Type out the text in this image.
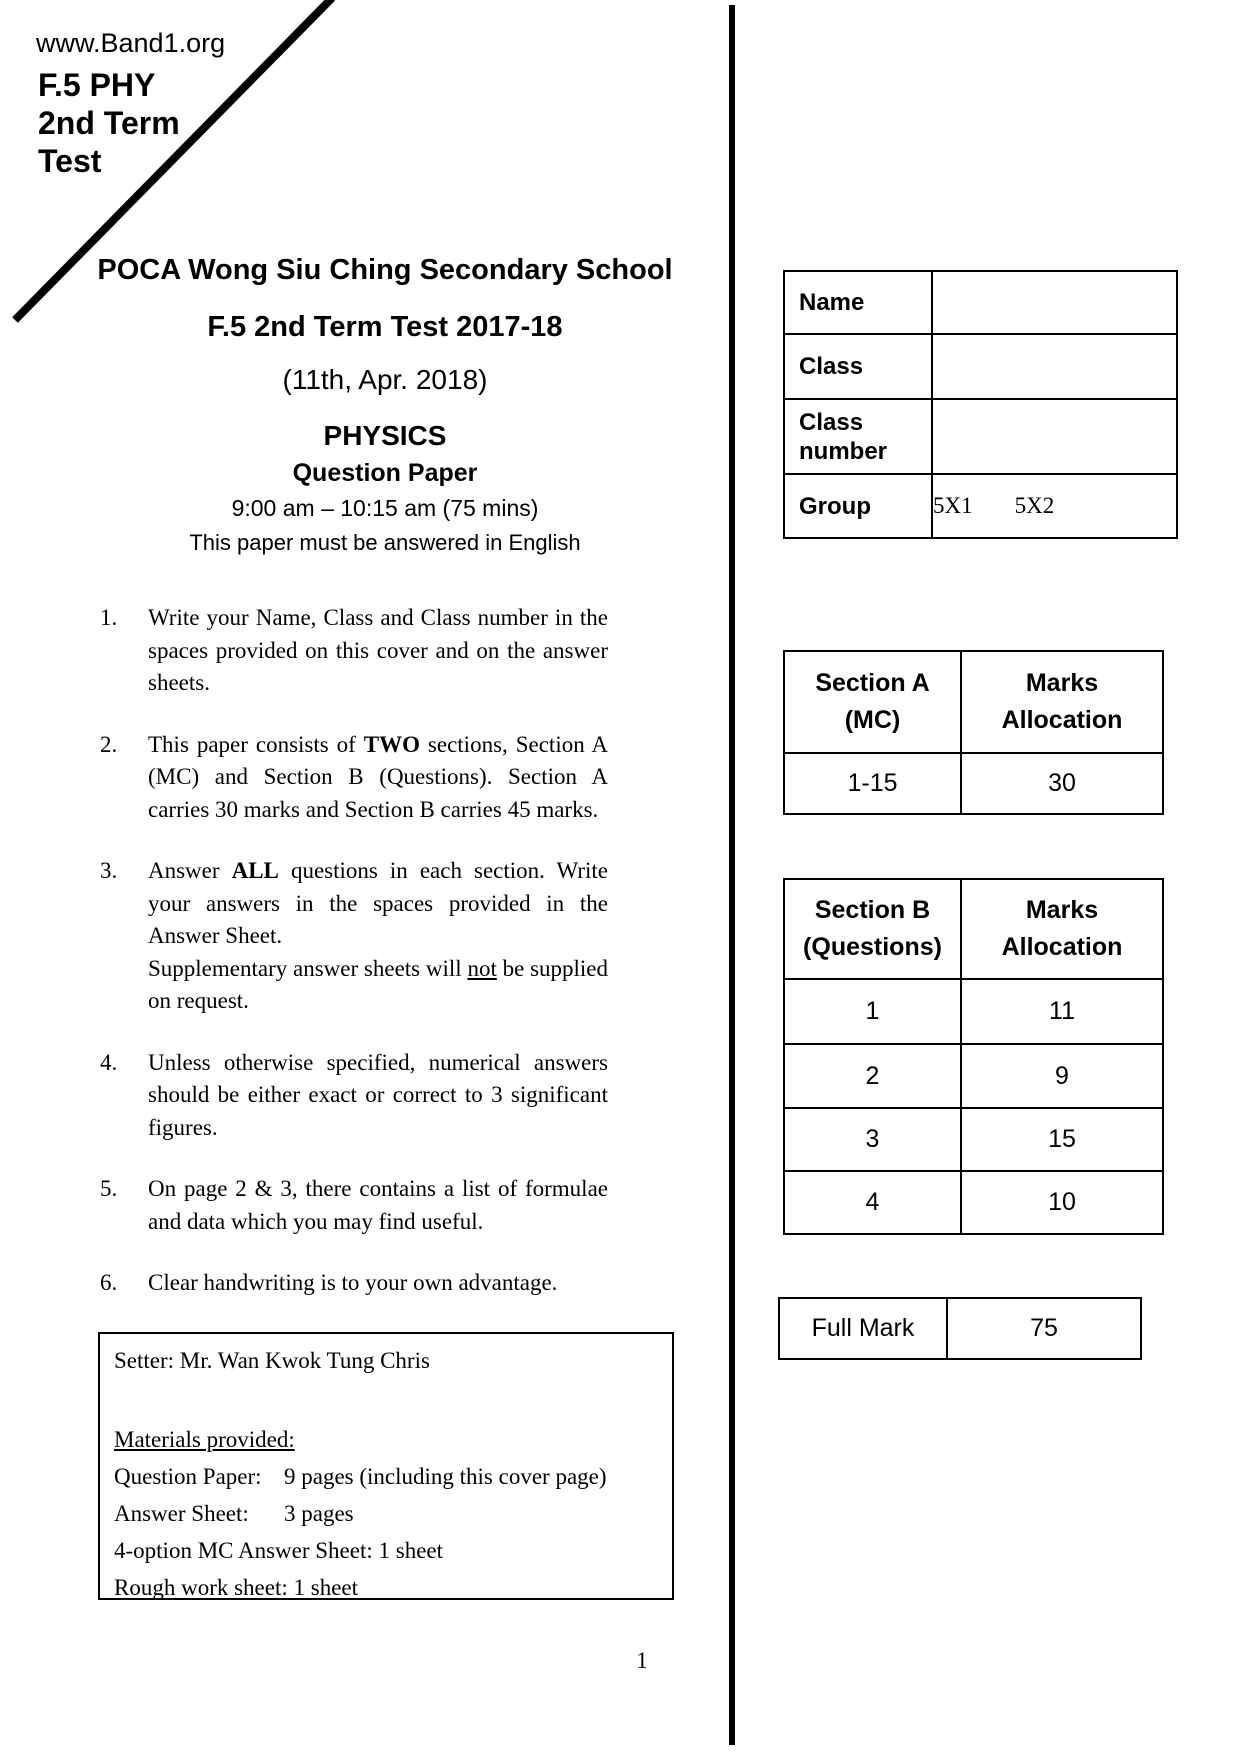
www.Band1.org
F.5 PHY
2nd Term
Test
POCA Wong Siu Ching Secondary School
F.5 2nd Term Test 2017-18
(11th, Apr. 2018)
PHYSICS
Question Paper
9:00 am – 10:15 am (75 mins)
This paper must be answered in English
Name	
Class	
Class number	
Group	5X1 5X2
1. Write your Name, Class and Class number in the spaces provided on this cover and on the answer sheets.
2. This paper consists of TWO sections, Section A (MC) and Section B (Questions). Section A carries 30 marks and Section B carries 45 marks.
3. Answer ALL questions in each section. Write your answers in the spaces provided in the Answer Sheet.
Supplementary answer sheets will not be supplied on request.
4. Unless otherwise specified, numerical answers should be either exact or correct to 3 significant figures.
5. On page 2 & 3, there contains a list of formulae and data which you may find useful.
6. Clear handwriting is to your own advantage.
Section A
(MC)

Marks
Allocation

1-15	30
Section B
(Questions)

Marks
Allocation

1	11
2	9
3	15
4	10
Full Mark	75
Setter: Mr. Wan Kwok Tung Chris
Materials provided:
Question Paper: 9 pages (including this cover page)
Answer Sheet: 3 pages
4-option MC Answer Sheet: 1 sheet
Rough work sheet: 1 sheet
1
